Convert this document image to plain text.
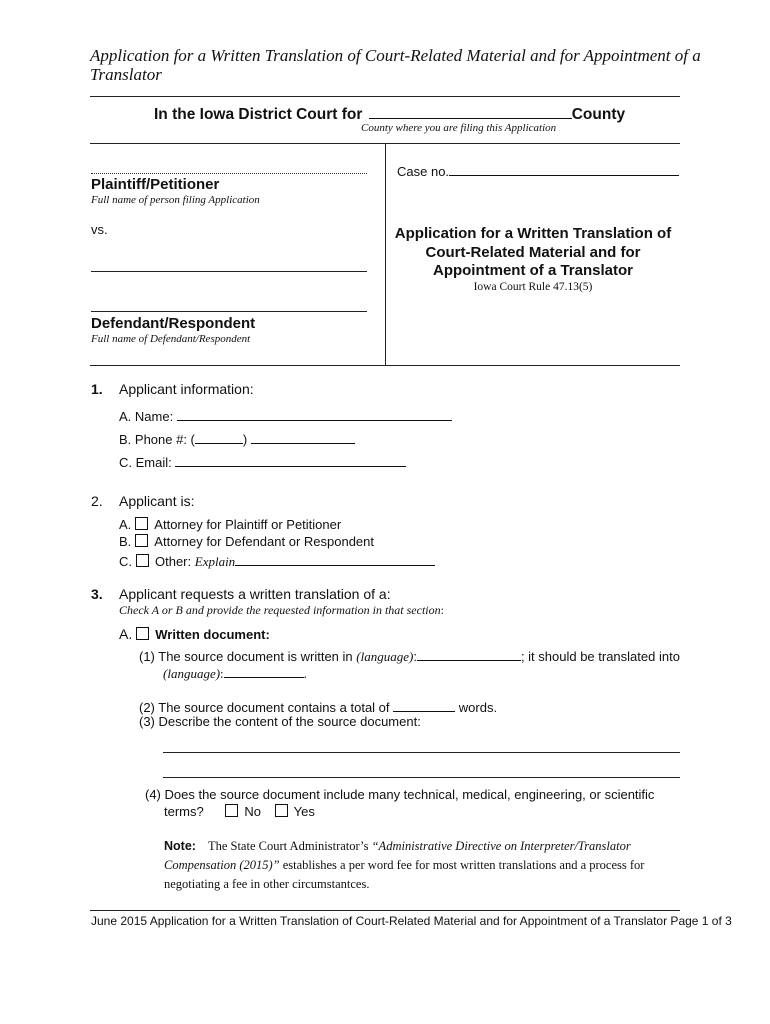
Application for a Written Translation of Court-Related Material and for Appointment of a
Translator
In the Iowa District Court for	County
County where you are filing this Application
Plaintiff/Petitioner
Full name of person filing Application
vs.
Defendant/Respondent
Full name of Defendant/Respondent
Case no.
Application for a Written Translation of
Court-Related Material and for
Appointment of a Translator
Iowa Court Rule 47.13(5)
1. Applicant information:
A. Name:
B. Phone #: (	)
C. Email:
2. Applicant is:
A. Attorney for Plaintiff or Petitioner
B. Attorney for Defendant or Respondent
C. Other: Explain
3. Applicant requests a written translation of a:
Check A or B and provide the requested information in that section:
A. Written document:
(1) The source document is written in (language):	; it should be translated into
(language):	.
(2) The source document contains a total of	words.
(3) Describe the content of the source document:
(4) Does the source document include many technical, medical, engineering, or scientific
terms?	No	Yes
Note: The State Court Administrator’s “Administrative Directive on Interpreter/Translator
Compensation (2015)” establishes a per word fee for most written translations and a process for
negotiating a fee in other circumstantces.
June 2015 Application for a Written Translation of Court-Related Material and for Appointment of a Translator Page 1 of 3
